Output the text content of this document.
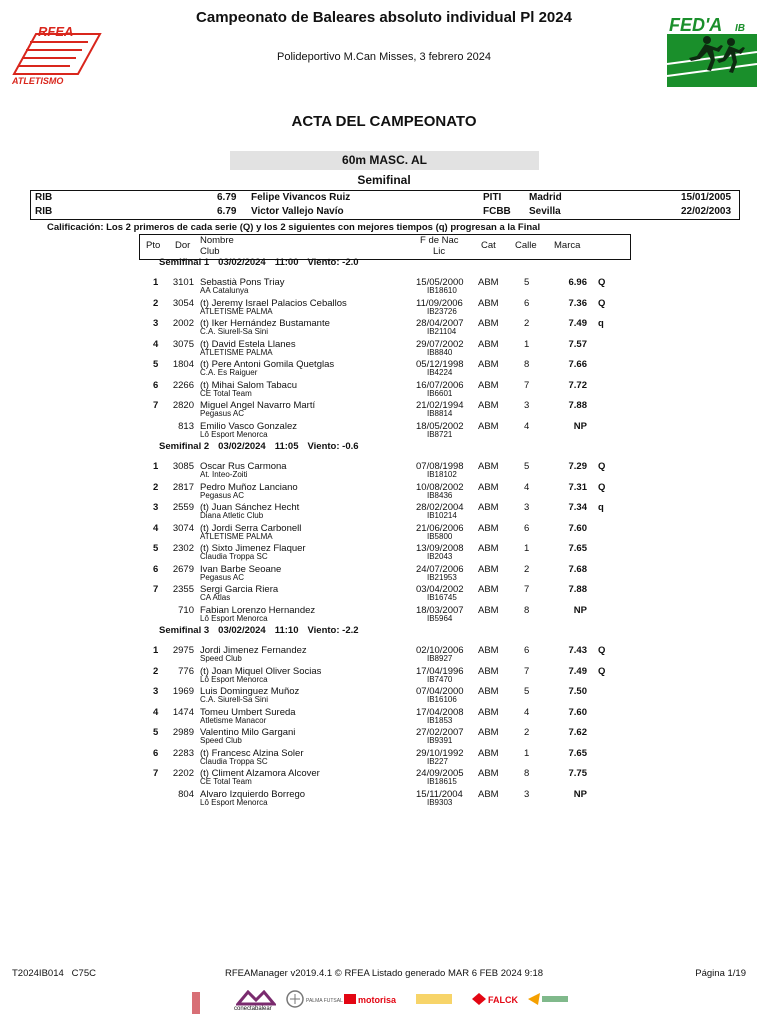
RFEA
ATLETISMO
FED'A IB
Campeonato de Baleares absoluto individual Pl 2024
Polideportivo M.Can Misses, 3 febrero 2024
ACTA DEL CAMPEONATO
60m MASC. AL
Semifinal
RIB	6.79 Felipe Vivancos Ruiz	PITI	Madrid	15/01/2005
RIB	6.79 Victor Vallejo Navío	FCBB Sevilla	22/02/2003
Calificación: Los 2 primeros de cada serie (Q) y los 2 siguientes con mejores tiempos (q) progresan a la Final
Pto Dor Nombre
Club
F de Nac
Lic
Cat Calle Marca
Semifinal 1 03/02/2024 11:00 Viento: -2.0
1	3101 Sebastià Pons Triay
AA Catalunya
15/05/2000
IB18610
ABM	5	6.96 Q
2	3054 (t) Jeremy Israel Palacios Ceballos
ATLETISME PALMA
11/09/2006
IB23726
ABM	6	7.36 Q
3	2002 (t) Iker Hernández Bustamante
C.A. Siurell-Sa Sini
28/04/2007
IB21104
ABM	2	7.49 q
4	3075 (t) David Estela Llanes
ATLETISME PALMA
29/07/2002
IB8840
ABM	1	7.57
5	1804 (t) Pere Antoni Gomila Quetglas
C.A. Es Raiguer
05/12/1998
IB4224
ABM	8	7.66
6	2266 (t) Mihai Salom Tabacu
CE Total Team
16/07/2006
IB6601
ABM	7	7.72
7	2820 Miguel Angel Navarro Martí
Pegasus AC
21/02/1994
IB8814
ABM	3	7.88
813 Emilio Vasco Gonzalez
Lô Esport Menorca
18/05/2002
IB8721
ABM	4	NP
Semifinal 2 03/02/2024 11:05 Viento: -0.6
1	3085 Oscar Rus Carmona
At. Inteo-Zoiti
07/08/1998
IB18102
ABM	5	7.29 Q
2	2817 Pedro Muñoz Lanciano
Pegasus AC
10/08/2002
IB8436
ABM	4	7.31 Q
3	2559 (t) Juan Sánchez Hecht
Diana Atletic Club
28/02/2004
IB10214
ABM	3	7.34 q
4	3074 (t) Jordi Serra Carbonell
ATLETISME PALMA
21/06/2006
IB5800
ABM	6	7.60
5	2302 (t) Sixto Jimenez Flaquer
Claudia Troppa SC
13/09/2008
IB2043
ABM	1	7.65
6	2679 Ivan Barbe Seoane
Pegasus AC
24/07/2006
IB21953
ABM	2	7.68
7	2355 Sergi Garcia Riera
CA Atlas
03/04/2002
IB16745
ABM	7	7.88
710 Fabian Lorenzo Hernandez
Lô Esport Menorca
18/03/2007
IB5964
ABM	8	NP
Semifinal 3 03/02/2024 11:10 Viento: -2.2
1	2975 Jordi Jimenez Fernandez
Speed Club
02/10/2006
IB8927
ABM	6	7.43 Q
2	776 (t) Joan Miquel Oliver Socias
Lô Esport Menorca
17/04/1996
IB7470
ABM	7	7.49 Q
3	1969 Luis Dominguez Muñoz
C.A. Siurell-Sa Sini
07/04/2000
IB16106
ABM	5	7.50
4	1474 Tomeu Umbert Sureda
Atletisme Manacor
17/04/2008
IB1853
ABM	4	7.60
5	2989 Valentino Milo Gargani
Speed Club
27/02/2007
IB9391
ABM	2	7.62
6	2283 (t) Francesc Alzina Soler
Claudia Troppa SC
29/10/1992
IB227
ABM	1	7.65
7	2202 (t) Climent Alzamora Alcover
CE Total Team
24/09/2005
IB18615
ABM	8	7.75
804 Alvaro Izquierdo Borrego
Lô Esport Menorca
15/11/2004
IB9303
ABM	3	NP
T2024IB014   C75C	RFEAManager v2019.4.1 © RFEA Listado generado MAR 6 FEB 2024 9:18	Página 1/19
conectabalear
PALMA FUTSAL motorisa	FALCK
